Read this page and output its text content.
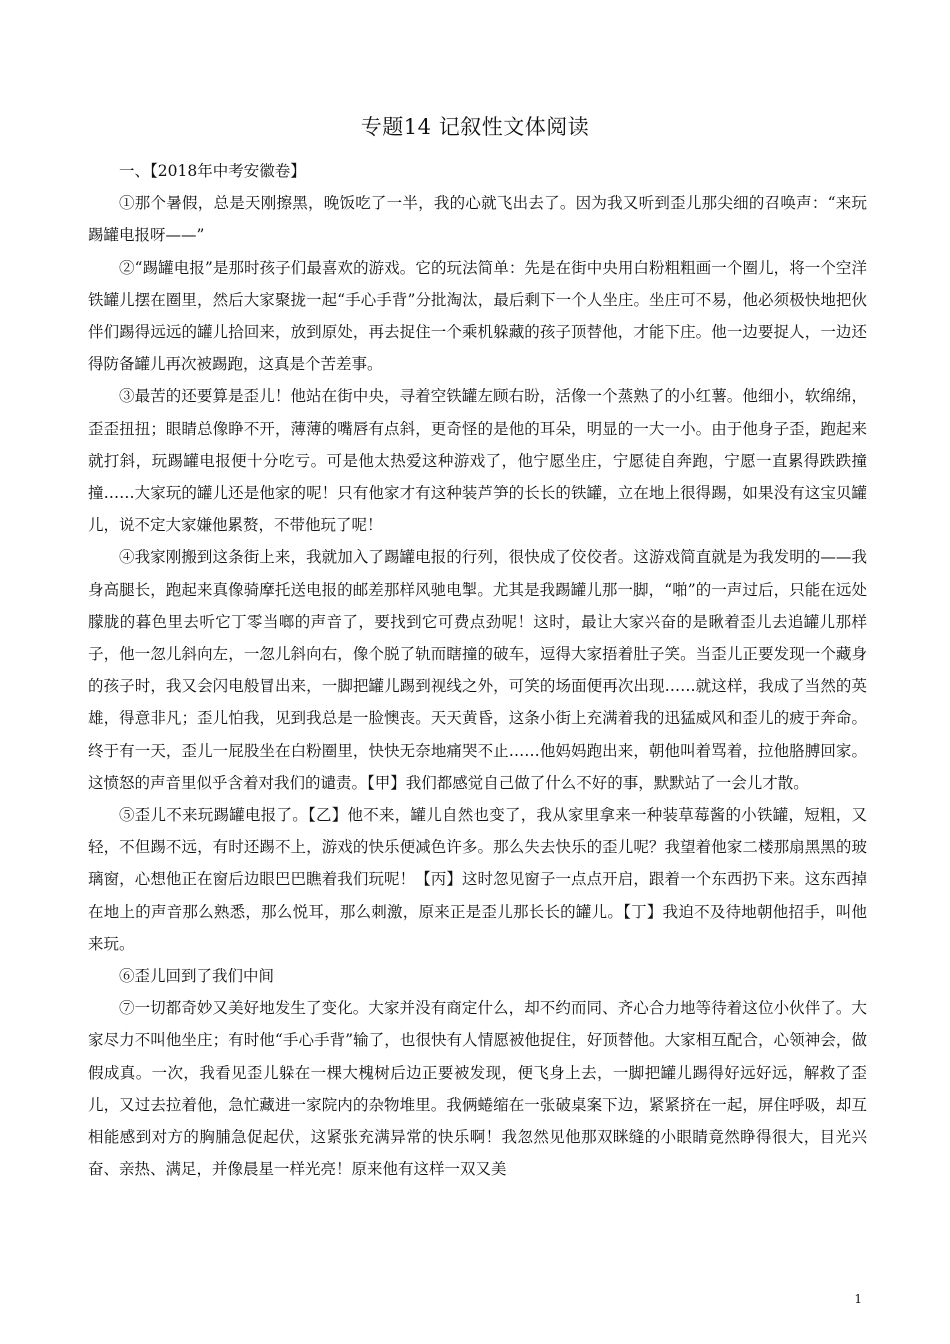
专题14 记叙性文体阅读

一、【2018年中考安徽卷】

①那个暑假，总是天刚擦黑，晚饭吃了一半，我的心就飞出去了。因为我又听到歪儿那尖细的召唤声：“来玩踢罐电报呀——”

②“踢罐电报”是那时孩子们最喜欢的游戏。它的玩法简单：先是在街中央用白粉粗粗画一个圈儿，将一个空洋铁罐儿摆在圈里，然后大家聚拢一起“手心手背”分批淘汰，最后剩下一个人坐庄。坐庄可不易，他必须极快地把伙伴们踢得远远的罐儿拾回来，放到原处，再去捉住一个乘机躲藏的孩子顶替他，才能下庄。他一边要捉人，一边还得防备罐儿再次被踢跑，这真是个苦差事。

③最苦的还要算是歪儿！他站在街中央，寻着空铁罐左顾右盼，活像一个蒸熟了的小红薯。他细小，软绵绵，歪歪扭扭；眼睛总像睁不开，薄薄的嘴唇有点斜，更奇怪的是他的耳朵，明显的一大一小。由于他身子歪，跑起来就打斜，玩踢罐电报便十分吃亏。可是他太热爱这种游戏了，他宁愿坐庄，宁愿徒自奔跑，宁愿一直累得跌跌撞撞……大家玩的罐儿还是他家的呢！只有他家才有这种装芦笋的长长的铁罐，立在地上很得踢，如果没有这宝贝罐儿，说不定大家嫌他累赘，不带他玩了呢！

④我家刚搬到这条街上来，我就加入了踢罐电报的行列，很快成了佼佼者。这游戏简直就是为我发明的——我身高腿长，跑起来真像骑摩托送电报的邮差那样风驰电掣。尤其是我踢罐儿那一脚，“啪”的一声过后，只能在远处朦胧的暮色里去听它丁零当啷的声音了，要找到它可费点劲呢！这时，最让大家兴奋的是瞅着歪儿去追罐儿那样子，他一忽儿斜向左，一忽儿斜向右，像个脱了轨而瞎撞的破车，逗得大家捂着肚子笑。当歪儿正要发现一个藏身的孩子时，我又会闪电般冒出来，一脚把罐儿踢到视线之外，可笑的场面便再次出现……就这样，我成了当然的英雄，得意非凡；歪儿怕我，见到我总是一脸懊丧。天天黄昏，这条小街上充满着我的迅猛威风和歪儿的疲于奔命。终于有一天，歪儿一屁股坐在白粉圈里，快快无奈地痛哭不止……他妈妈跑出来，朝他叫着骂着，拉他胳膊回家。这愤怒的声音里似乎含着对我们的谴责。【甲】我们都感觉自己做了什么不好的事，默默站了一会儿才散。

⑤歪儿不来玩踢罐电报了。【乙】他不来，罐儿自然也变了，我从家里拿来一种装草莓酱的小铁罐，短粗，又轻，不但踢不远，有时还踢不上，游戏的快乐便减色许多。那么失去快乐的歪儿呢？我望着他家二楼那扇黑黑的玻璃窗，心想他正在窗后边眼巴巴瞧着我们玩呢！【丙】这时忽见窗子一点点开启，跟着一个东西扔下来。这东西掉在地上的声音那么熟悉，那么悦耳，那么刺激，原来正是歪儿那长长的罐儿。【丁】我迫不及待地朝他招手，叫他来玩。

⑥歪儿回到了我们中间

⑦一切都奇妙又美好地发生了变化。大家并没有商定什么，却不约而同、齐心合力地等待着这位小伙伴了。大家尽力不叫他坐庄；有时他“手心手背”输了，也很快有人情愿被他捉住，好顶替他。大家相互配合，心领神会，做假成真。一次，我看见歪儿躲在一棵大槐树后边正要被发现，便飞身上去，一脚把罐儿踢得好远好远，解救了歪儿，又过去拉着他，急忙藏进一家院内的杂物堆里。我俩蜷缩在一张破桌案下边，紧紧挤在一起，屏住呼吸，却互相能感到对方的胸脯急促起伏，这紧张充满异常的快乐啊！我忽然见他那双眯缝的小眼睛竟然睁得很大，目光兴奋、亲热、满足，并像晨星一样光亮！原来他有这样一双又美

1
